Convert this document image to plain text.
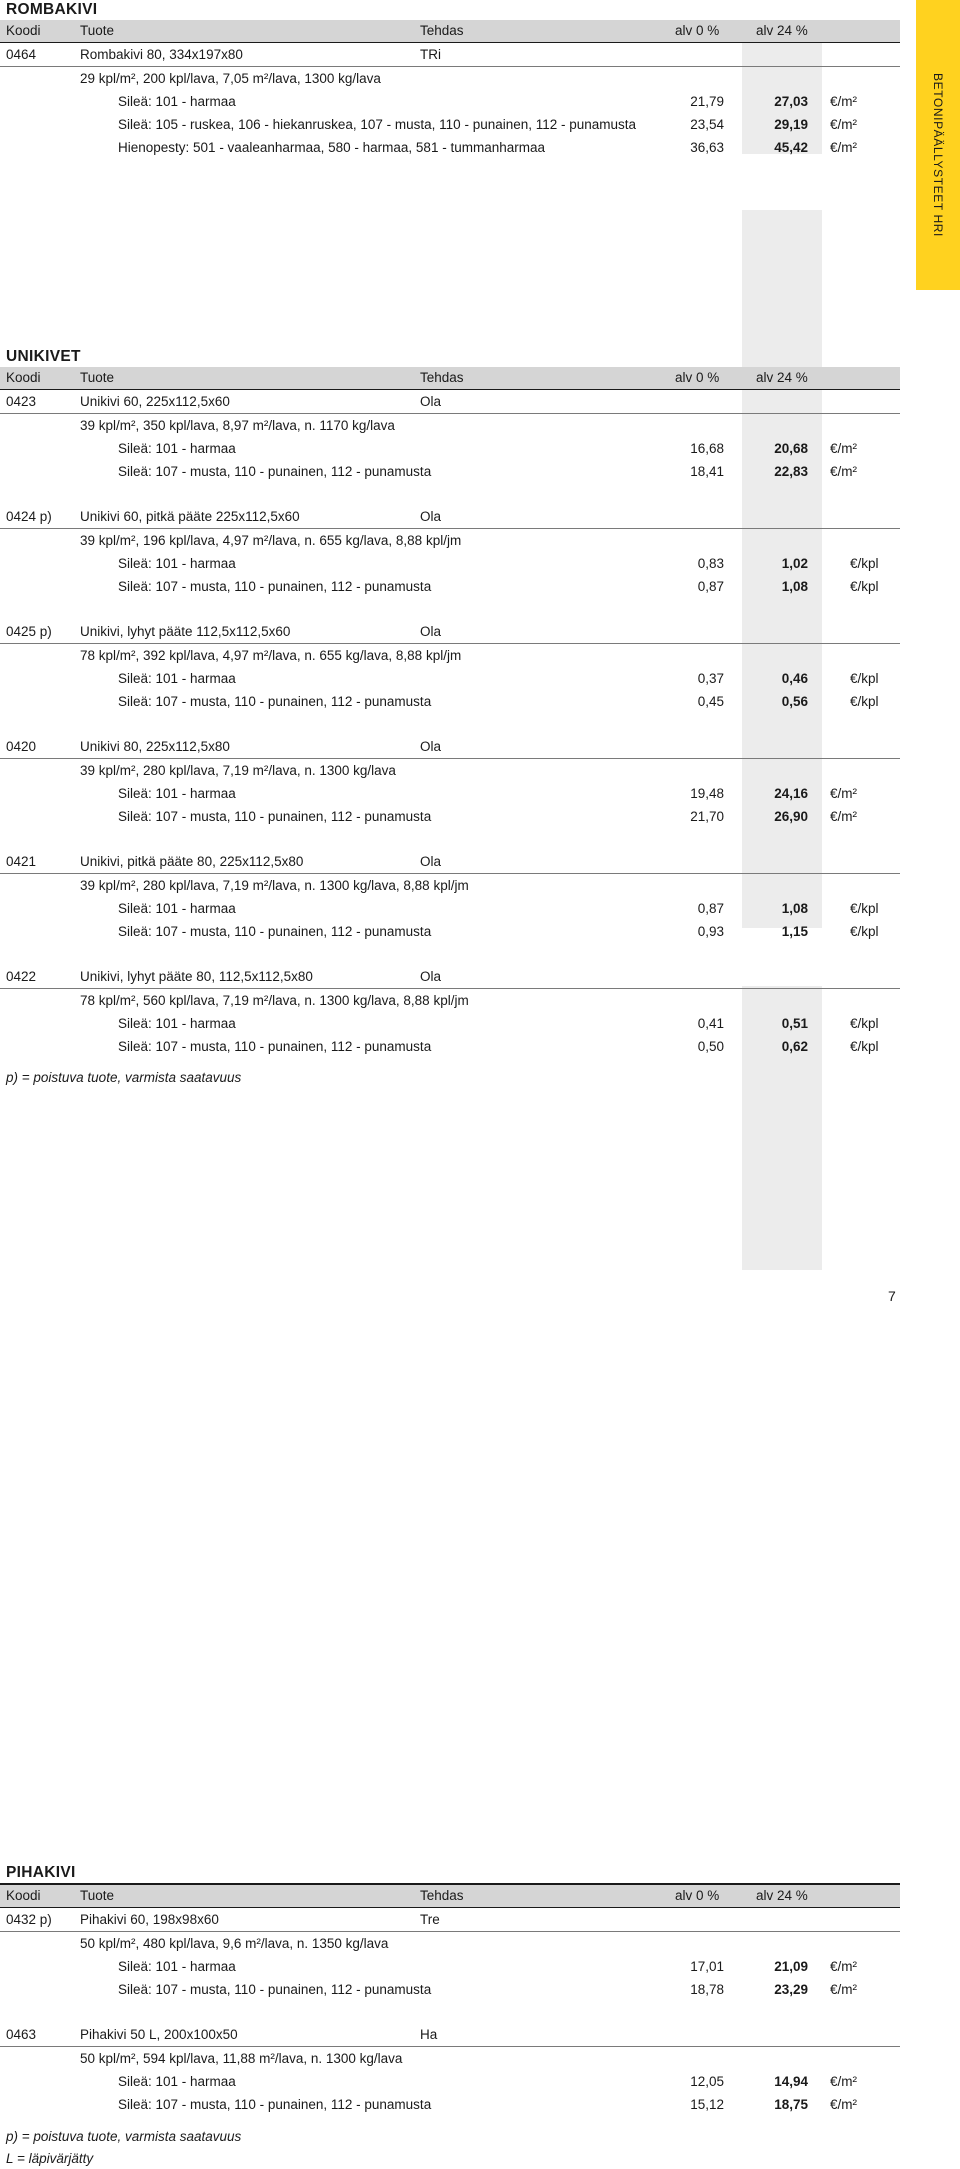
BETONIPÄÄLLYSTEET HRI
ROMBAKIVI
Koodi	Tuote	Tehdas	alv 0 %	alv 24 %
0464	Rombakivi 80, 334x197x80	TRi
29 kpl/m², 200 kpl/lava, 7,05 m²/lava, 1300 kg/lava
Sileä: 101 - harmaa	21,79	27,03 €/m²
Sileä: 105 - ruskea, 106 - hiekanruskea, 107 - musta, 110 - punainen, 112 - punamusta	23,54	29,19 €/m²
Hienopesty: 501 - vaaleanharmaa, 580 - harmaa, 581 - tummanharmaa	36,63	45,42 €/m²
UNIKIVET
Koodi	Tuote	Tehdas	alv 0 %	alv 24 %
0423	Unikivi 60, 225x112,5x60	Ola
39 kpl/m², 350 kpl/lava, 8,97 m²/lava, n. 1170 kg/lava
Sileä: 101 - harmaa	16,68	20,68 €/m²
Sileä: 107 - musta, 110 - punainen, 112 - punamusta	18,41	22,83 €/m²
0424 p) Unikivi 60, pitkä pääte 225x112,5x60	Ola
39 kpl/m², 196 kpl/lava, 4,97 m²/lava, n. 655 kg/lava, 8,88 kpl/jm
Sileä: 101 - harmaa	0,83	1,02	€/kpl
Sileä: 107 - musta, 110 - punainen, 112 - punamusta	0,87	1,08	€/kpl
0425 p) Unikivi, lyhyt pääte 112,5x112,5x60	Ola
78 kpl/m², 392 kpl/lava, 4,97 m²/lava, n. 655 kg/lava, 8,88 kpl/jm
Sileä: 101 - harmaa	0,37	0,46	€/kpl
Sileä: 107 - musta, 110 - punainen, 112 - punamusta	0,45	0,56	€/kpl
0420	Unikivi 80, 225x112,5x80	Ola
39 kpl/m², 280 kpl/lava, 7,19 m²/lava, n. 1300 kg/lava
Sileä: 101 - harmaa	19,48	24,16 €/m²
Sileä: 107 - musta, 110 - punainen, 112 - punamusta	21,70	26,90 €/m²
0421	Unikivi, pitkä pääte 80, 225x112,5x80	Ola
39 kpl/m², 280 kpl/lava, 7,19 m²/lava, n. 1300 kg/lava, 8,88 kpl/jm
Sileä: 101 - harmaa	0,87	1,08	€/kpl
Sileä: 107 - musta, 110 - punainen, 112 - punamusta	0,93	1,15	€/kpl
0422	Unikivi, lyhyt pääte 80, 112,5x112,5x80	Ola
78 kpl/m², 560 kpl/lava, 7,19 m²/lava, n. 1300 kg/lava, 8,88 kpl/jm
Sileä: 101 - harmaa	0,41	0,51	€/kpl
Sileä: 107 - musta, 110 - punainen, 112 - punamusta	0,50	0,62	€/kpl
p) = poistuva tuote, varmista saatavuus
PIHAKIVI
Koodi	Tuote	Tehdas	alv 0 %	alv 24 %
0432 p) Pihakivi 60, 198x98x60	Tre
50 kpl/m², 480 kpl/lava, 9,6 m²/lava, n. 1350 kg/lava
Sileä: 101 - harmaa	17,01	21,09 €/m²
Sileä: 107 - musta, 110 - punainen, 112 - punamusta	18,78	23,29 €/m²
0463	Pihakivi 50 L, 200x100x50	Ha
50 kpl/m², 594 kpl/lava, 11,88 m²/lava, n. 1300 kg/lava
Sileä: 101 - harmaa	12,05	14,94 €/m²
Sileä: 107 - musta, 110 - punainen, 112 - punamusta	15,12	18,75 €/m²
p) = poistuva tuote, varmista saatavuus
L = läpivärjätty
7
